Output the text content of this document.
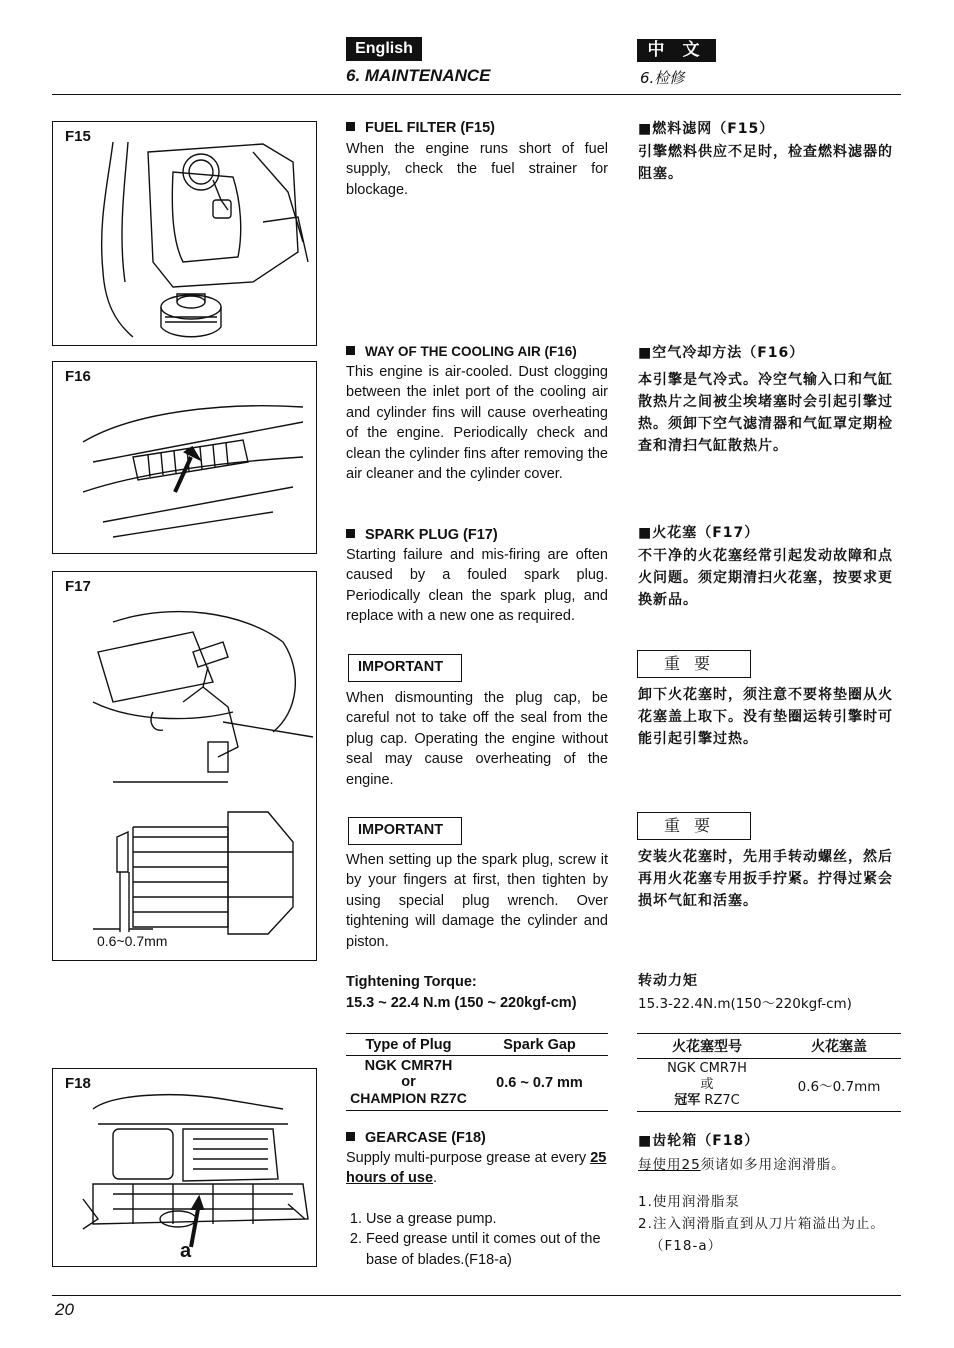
English	中 文
6. MAINTENANCE	6.检修
F15
F16
F17
0.6~0.7mm
F18
a
FUEL FILTER (F15)
When the engine runs short of fuel supply, check the fuel strainer for blockage.
■燃料滤网（F15）
引擎燃料供应不足时，检查燃料滤器的阻塞。
WAY OF THE COOLING AIR (F16)
This engine is air-cooled. Dust clogging between the inlet port of the cooling air and cylinder fins will cause overheating of the engine. Periodically check and clean the cylinder fins after removing the air cleaner and the cylinder cover.
■空气冷却方法（F16）
本引擎是气冷式。冷空气输入口和气缸散热片之间被尘埃堵塞时会引起引擎过热。须卸下空气滤清器和气缸罩定期检查和清扫气缸散热片。
SPARK PLUG (F17)
Starting failure and mis-firing are often caused by a fouled spark plug. Periodically clean the spark plug, and replace with a new one as required.
■火花塞（F17）
不干净的火花塞经常引起发动故障和点火问题。须定期清扫火花塞，按要求更换新品。
IMPORTANT
When dismounting the plug cap, be careful not to take off the seal from the plug cap. Operating the engine without seal may cause overheating of the engine.
重要
卸下火花塞时，须注意不要将垫圈从火花塞盖上取下。没有垫圈运转引擎时可能引起引擎过热。
IMPORTANT
When setting up the spark plug, screw it by your fingers at first, then tighten by using special plug wrench. Over tightening will damage the cylinder and piston.
重要
安装火花塞时，先用手转动螺丝，然后再用火花塞专用扳手拧紧。拧得过紧会损坏气缸和活塞。
Tightening Torque:
15.3 ~ 22.4 N.m (150 ~ 220kgf-cm)
转动力矩
15.3-22.4N.m(150～220kgf-cm)
Type of Plug	Spark Gap

NGK CMR7H
or
CHAMPION RZ7C	0.6 ~ 0.7 mm
火花塞型号	火花塞盖

NGK CMR7H
或
冠军 RZ7C	0.6～0.7mm
GEARCASE (F18)
Supply multi-purpose grease at every 25 hours of use.
1. Use a grease pump.
2. Feed grease until it comes out of the base of blades.(F18-a)
■齿轮箱（F18）
每使用25须诸如多用途润滑脂。
1.使用润滑脂泵
2.注入润滑脂直到从刀片箱溢出为止。（F18-a）
20
